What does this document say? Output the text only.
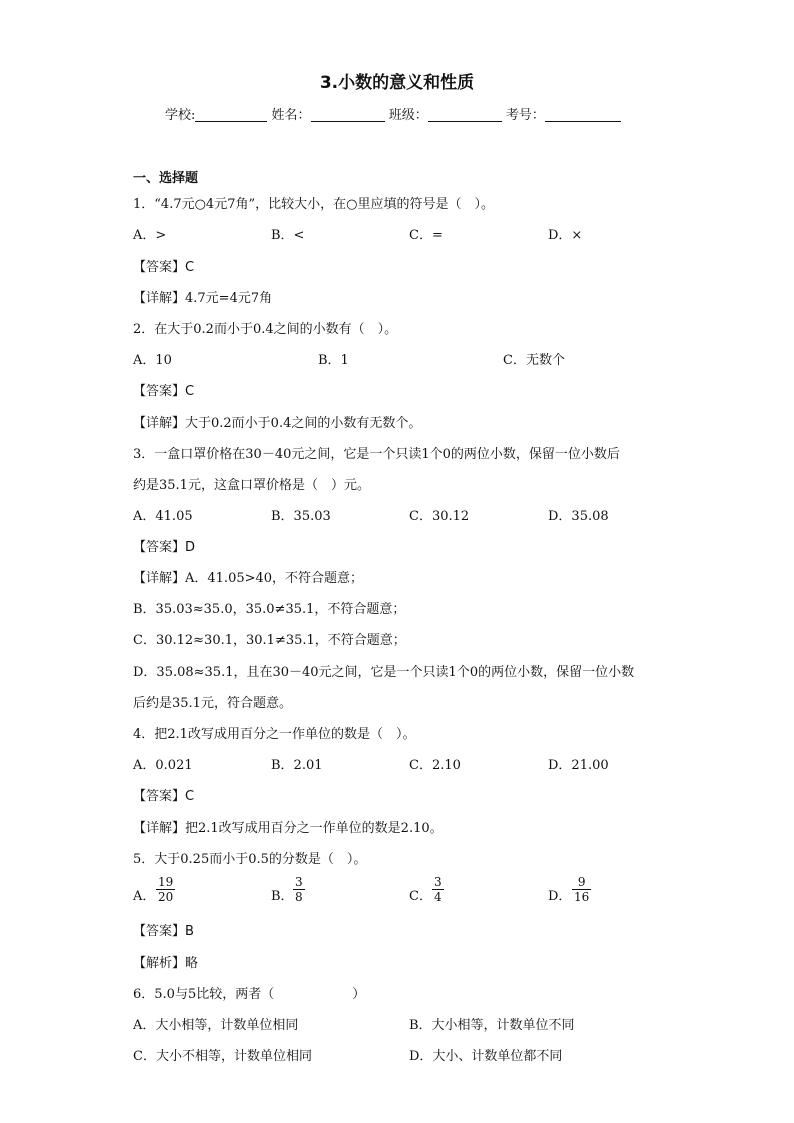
3.小数的意义和性质
学校:	姓名：	班级：	考号：
一、选择题
1．“4.7元○4元7角”，比较大小，在○里应填的符号是（　）。
A．>	B．<	C．=	D．×
【答案】C
【详解】4.7元=4元7角
2．在大于0.2而小于0.4之间的小数有（　）。
A．10	B．1	C．无数个
【答案】C
【详解】大于0.2而小于0.4之间的小数有无数个。
3．一盒口罩价格在30－40元之间，它是一个只读1个0的两位小数，保留一位小数后
约是35.1元，这盒口罩价格是（　）元。
A．41.05	B．35.03	C．30.12	D．35.08
【答案】D
【详解】A．41.05>40，不符合题意；
B．35.03≈35.0，35.0≠35.1，不符合题意；
C．30.12≈30.1，30.1≠35.1，不符合题意；
D．35.08≈35.1，且在30－40元之间，它是一个只读1个0的两位小数，保留一位小数
后约是35.1元，符合题意。
4．把2.1改写成用百分之一作单位的数是（　）。
A．0.021	B．2.01	C．2.10	D．21.00
【答案】C
【详解】把2.1改写成用百分之一作单位的数是2.10。
5．大于0.25而小于0.5的分数是（　）。
A． $\frac{19}{20}$	B． $\frac{3}{8}$	C． $\frac{3}{4}$	D． $\frac{9}{16}$
【答案】B
【解析】略
6．5.0与5比较，两者（　　　　　　）
A．大小相等，计数单位相同	B．大小相等，计数单位不同
C．大小不相等，计数单位相同	D．大小、计数单位都不同
